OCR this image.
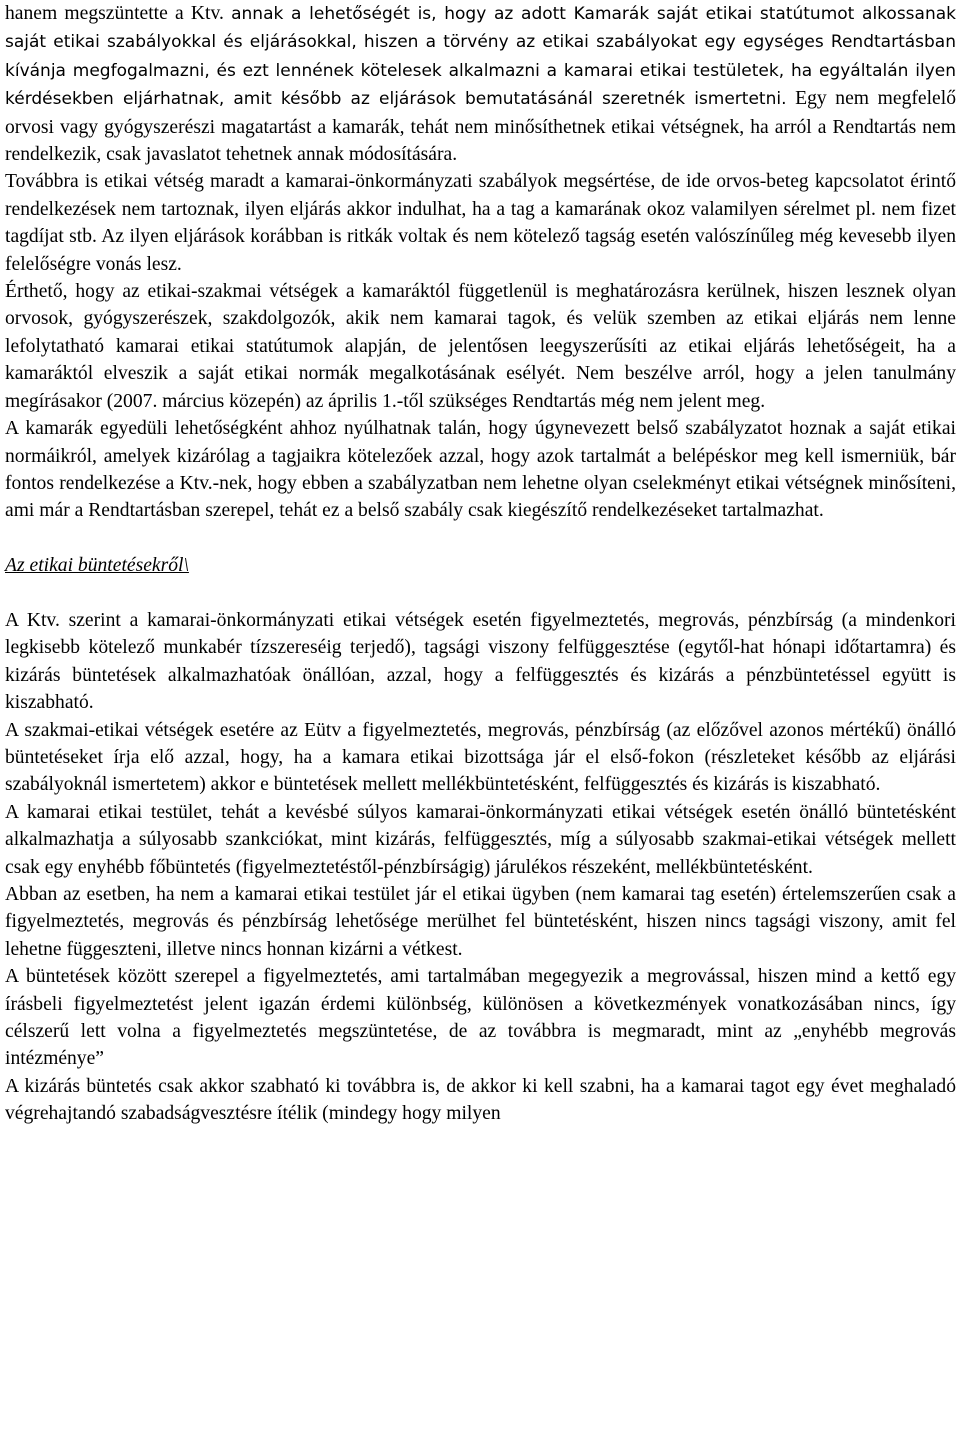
hanem megszüntette a Ktv. annak a lehetőségét is, hogy az adott Kamarák saját etikai statútumot alkossanak saját etikai szabályokkal és eljárásokkal, hiszen a törvény az etikai szabályokat egy egységes Rendtartásban kívánja megfogalmazni, és ezt lennének kötelesek alkalmazni a kamarai etikai testületek, ha egyáltalán ilyen kérdésekben eljárhatnak, amit később az eljárások bemutatásánál szeretnék ismertetni. Egy nem megfelelő orvosi vagy gyógyszerészi magatartást a kamarák, tehát nem minősíthetnek etikai vétségnek, ha arról a Rendtartás nem rendelkezik, csak javaslatot tehetnek annak módosítására.

Továbbra is etikai vétség maradt a kamarai-önkormányzati szabályok megsértése, de ide orvos-beteg kapcsolatot érintő rendelkezések nem tartoznak, ilyen eljárás akkor indulhat, ha a tag a kamarának okoz valamilyen sérelmet pl. nem fizet tagdíjat stb. Az ilyen eljárások korábban is ritkák voltak és nem kötelező tagság esetén valószínűleg még kevesebb ilyen felelőségre vonás lesz.

Érthető, hogy az etikai-szakmai vétségek a kamaráktól függetlenül is meghatározásra kerülnek, hiszen lesznek olyan orvosok, gyógyszerészek, szakdolgozók, akik nem kamarai tagok, és velük szemben az etikai eljárás nem lenne lefolytatható kamarai etikai statútumok alapján, de jelentősen leegyszerűsíti az etikai eljárás lehetőségeit, ha a kamaráktól elveszik a saját etikai normák megalkotásának esélyét. Nem beszélve arról, hogy a jelen tanulmány megírásakor (2007. március közepén) az április 1.-től szükséges Rendtartás még nem jelent meg.

A kamarák egyedüli lehetőségként ahhoz nyúlhatnak talán, hogy úgynevezett belső szabályzatot hoznak a saját etikai normáikról, amelyek kizárólag a tagjaikra kötelezőek azzal, hogy azok tartalmát a belépéskor meg kell ismerniük, bár fontos rendelkezése a Ktv.-nek, hogy ebben a szabályzatban nem lehetne olyan cselekményt etikai vétségnek minősíteni, ami már a Rendtartásban szerepel, tehát ez a belső szabály csak kiegészítő rendelkezéseket tartalmazhat.

Az etikai büntetésekről\

A Ktv. szerint a kamarai-önkormányzati etikai vétségek esetén figyelmeztetés, megrovás, pénzbírság (a mindenkori legkisebb kötelező munkabér tízszereséig terjedő), tagsági viszony felfüggesztése (egytől-hat hónapi időtartamra) és kizárás büntetések alkalmazhatóak önállóan, azzal, hogy a felfüggesztés és kizárás a pénzbüntetéssel együtt is kiszabható.

A szakmai-etikai vétségek esetére az Eütv a figyelmeztetés, megrovás, pénzbírság (az előzővel azonos mértékű) önálló büntetéseket írja elő azzal, hogy, ha a kamara etikai bizottsága jár el első-fokon (részleteket később az eljárási szabályoknál ismertetem) akkor e büntetések mellett mellékbüntetésként, felfüggesztés és kizárás is kiszabható.

A kamarai etikai testület, tehát a kevésbé súlyos kamarai-önkormányzati etikai vétségek esetén önálló büntetésként alkalmazhatja a súlyosabb szankciókat, mint kizárás, felfüggesztés, míg a súlyosabb szakmai-etikai vétségek mellett csak egy enyhébb főbüntetés (figyelmeztetéstől-pénzbírságig) járulékos részeként, mellékbüntetésként.

Abban az esetben, ha nem a kamarai etikai testület jár el etikai ügyben (nem kamarai tag esetén) értelemszerűen csak a figyelmeztetés, megrovás és pénzbírság lehetősége merülhet fel büntetésként, hiszen nincs tagsági viszony, amit fel lehetne függeszteni, illetve nincs honnan kizárni a vétkest.

A büntetések között szerepel a figyelmeztetés, ami tartalmában megegyezik a megrovással, hiszen mind a kettő egy írásbeli figyelmeztetést jelent igazán érdemi különbség, különösen a következmények vonatkozásában nincs, így célszerű lett volna a figyelmeztetés megszüntetése, de az továbbra is megmaradt, mint az „enyhébb megrovás intézménye”

A kizárás büntetés csak akkor szabható ki továbbra is, de akkor ki kell szabni, ha a kamarai tagot egy évet meghaladó végrehajtandó szabadságvesztésre ítélik (mindegy hogy milyen
